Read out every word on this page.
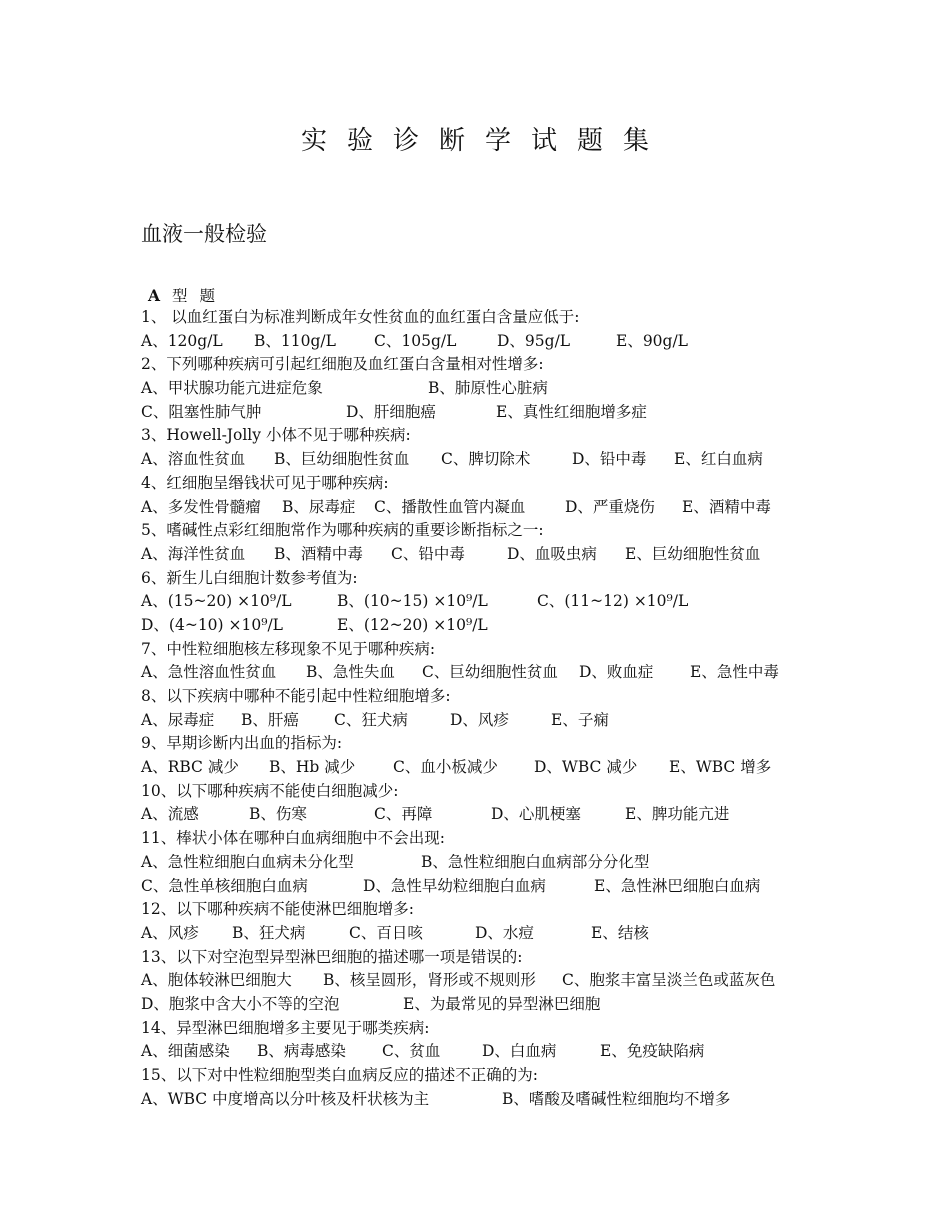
实验诊断学试题集
血液一般检验
A 型题
1、 以血红蛋白为标准判断成年女性贫血的血红蛋白含量应低于:
A、120g/L B、110g/L C、105g/L	D、95g/L	E、90g/L
2、下列哪种疾病可引起红细胞及血红蛋白含量相对性增多:
A、甲状腺功能亢进症危象	B、肺原性心脏病
C、阻塞性肺气肿	D、肝细胞癌	E、真性红细胞增多症
3、Howell-Jolly 小体不见于哪种疾病:
A、溶血性贫血 B、巨幼细胞性贫血 C、脾切除术	D、铅中毒 E、红白血病
4、红细胞呈缗钱状可见于哪种疾病:
A、多发性骨髓瘤 B、尿毒症 C、播散性血管内凝血	D、严重烧伤 E、酒精中毒
5、嗜碱性点彩红细胞常作为哪种疾病的重要诊断指标之一:
A、海洋性贫血 B、酒精中毒 C、铅中毒	D、血吸虫病 E、巨幼细胞性贫血
6、新生儿白细胞计数参考值为:
A、(15~20) ×10⁹/L	B、(10~15) ×10⁹/L	C、(11~12) ×10⁹/L
D、(4~10) ×10⁹/L	E、(12~20) ×10⁹/L
7、中性粒细胞核左移现象不见于哪种疾病:
A、急性溶血性贫血 B、急性失血 C、巨幼细胞性贫血 D、败血症 E、急性中毒
8、以下疾病中哪种不能引起中性粒细胞增多:
A、尿毒症 B、肝癌 C、狂犬病	D、风疹	E、子痫
9、早期诊断内出血的指标为:
A、RBC 减少 B、Hb 减少 C、血小板减少 D、WBC 减少 E、WBC 增多
10、以下哪种疾病不能使白细胞减少:
A、流感	B、伤寒	C、再障	D、心肌梗塞	E、脾功能亢进
11、棒状小体在哪种白血病细胞中不会出现:
A、急性粒细胞白血病未分化型	B、急性粒细胞白血病部分分化型
C、急性单核细胞白血病	D、急性早幼粒细胞白血病	E、急性淋巴细胞白血病
12、以下哪种疾病不能使淋巴细胞增多:
A、风疹 B、狂犬病	C、百日咳	D、水痘	E、结核
13、以下对空泡型异型淋巴细胞的描述哪一项是错误的:
A、胞体较淋巴细胞大 B、核呈圆形，肾形或不规则形 C、胞浆丰富呈淡兰色或蓝灰色
D、胞浆中含大小不等的空泡	E、为最常见的异型淋巴细胞
14、异型淋巴细胞增多主要见于哪类疾病:
A、细菌感染 B、病毒感染 C、贫血	D、白血病	E、免疫缺陷病
15、以下对中性粒细胞型类白血病反应的描述不正确的为:
A、WBC 中度增高以分叶核及杆状核为主	B、嗜酸及嗜碱性粒细胞均不增多
